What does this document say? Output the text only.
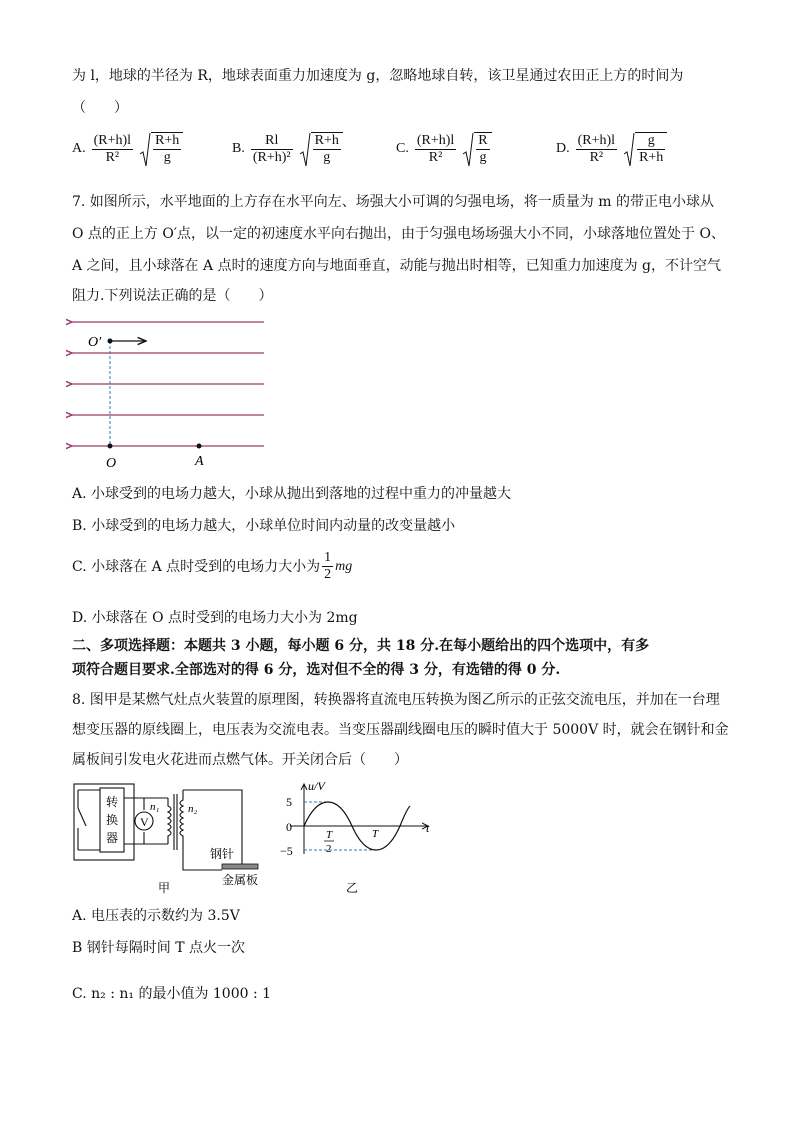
为 l，地球的半径为 R，地球表面重力加速度为 g，忽略地球自转，该卫星通过农田正上方的时间为
（　　）
A. $\frac{(R+h)l}{\text{R²}} \frac{R+h}{g}$	B. $\frac{Rl}{\text{(R+h)²}} \frac{R+h}{g}$	C. $\frac{(R+h)l}{\text{R²}} \frac{R}{g}$	D. $\frac{(R+h)l}{\text{R²}} \frac{g}{R+h}$
7. 如图所示，水平地面的上方存在水平向左、场强大小可调的匀强电场，将一质量为 m 的带正电小球从
O 点的正上方 O′点，以一定的初速度水平向右抛出，由于匀强电场场强大小不同，小球落地位置处于 O、
A 之间，且小球落在 A 点时的速度方向与地面垂直，动能与抛出时相等，已知重力加速度为 g，不计空气
阻力.下列说法正确的是（　　）
O′
O	A
A. 小球受到的电场力越大，小球从抛出到落地的过程中重力的冲量越大
B. 小球受到的电场力越大，小球单位时间内动量的改变量越小
C. 小球落在 A 点时受到的电场力大小为 $\frac{1}{2}$ mg
D. 小球落在 O 点时受到的电场力大小为 2mg
二、多项选择题：本题共 3 小题，每小题 6 分，共 18 分.在每小题给出的四个选项中，有多
项符合题目要求.全部选对的得 6 分，选对但不全的得 3 分，有选错的得 0 分.
8. 图甲是某燃气灶点火装置的原理图，转换器将直流电压转换为图乙所示的正弦交流电压，并加在一台理
想变压器的原线圈上，电压表为交流电表。当变压器副线圈电压的瞬时值大于 5000V 时，就会在钢针和金
属板间引发电火花进而点燃气体。开关闭合后（　　）
V
转
换
器
n₁	n₂
钢针
金属板
甲
u/V
t
5
0
−5
T
2
T
乙
A. 电压表的示数约为 3.5V
B 钢针每隔时间 T 点火一次
C. n₂ : n₁ 的最小值为 1000 : 1
